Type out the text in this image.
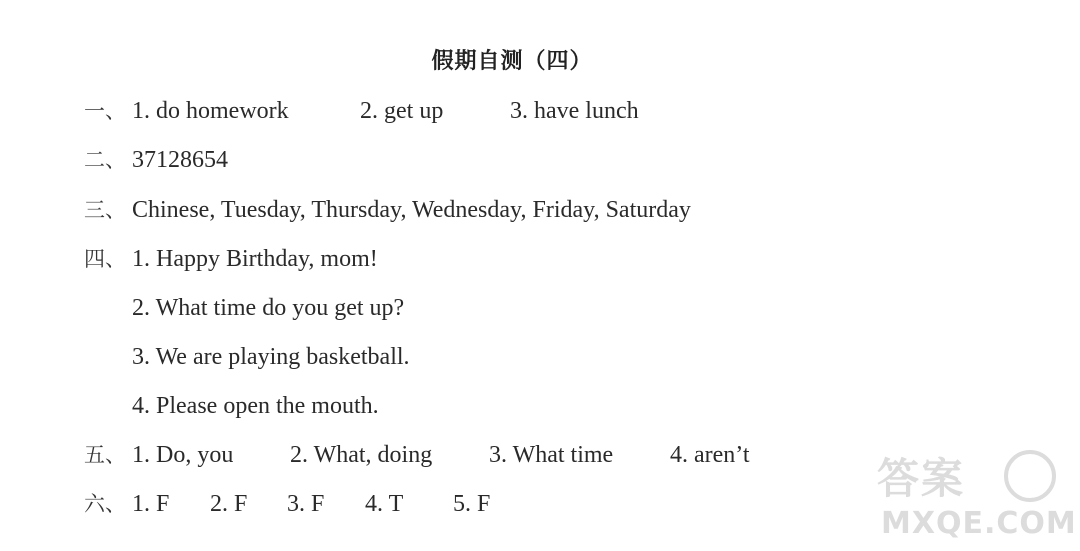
假期自测（四）
一、 1. do homework	2. get up	3. have lunch
二、 37128654
三、 Chinese, Tuesday, Thursday, Wednesday, Friday, Saturday
四、 1. Happy Birthday, mom!
2. What time do you get up?
3. We are playing basketball.
4. Please open the mouth.
五、 1. Do, you 2. What, doing 3. What time 4. aren’t
六、 1. F 2. F 3. F 4. T 5. F
答案
MXQE.COM
